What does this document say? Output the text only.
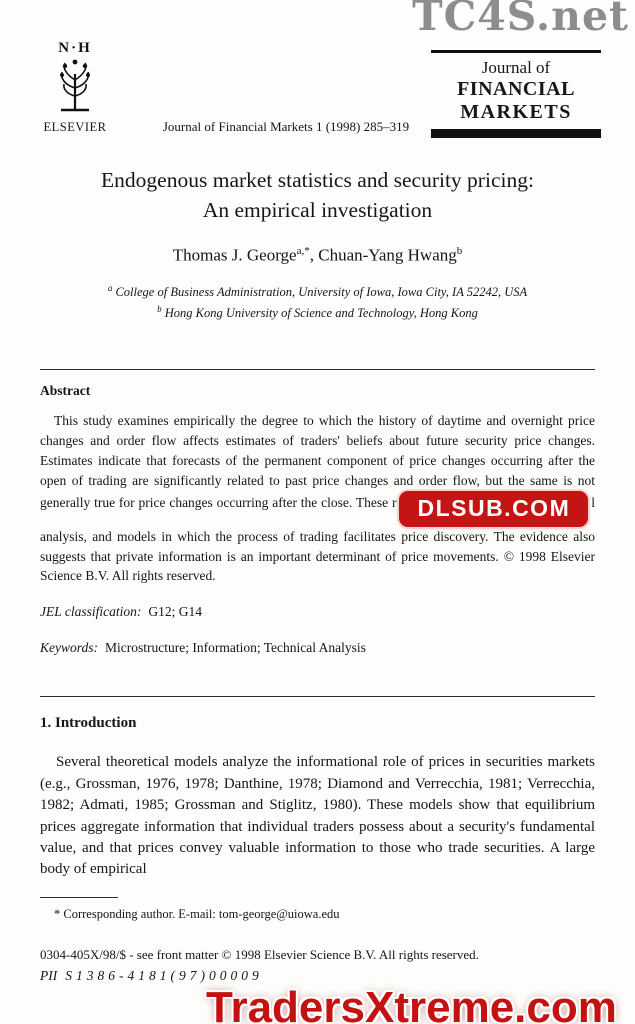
TC4S.net
N·H
ELSEVIER	Journal of Financial Markets 1 (1998) 285–319
Journal of
FINANCIAL
MARKETS
Endogenous market statistics and security pricing:
An empirical investigation
Thomas J. George$^{a,*}$, Chuan-Yang Hwang$^b$
$^a$ College of Business Administration, University of Iowa, Iowa City, IA 52242, USA
$^b$ Hong Kong University of Science and Technology, Hong Kong
Abstract

This study examines empirically the degree to which the history of daytime and overnight price changes and order flow affects estimates of traders' beliefs about future security price changes. Estimates indicate that forecasts of the permanent component of price changes occurring after the open of trading are significantly related to past price changes and order flow, but the same is not generally true for price changes occurring after the close. These r DLSUB.COM l analysis, and models in which the process of trading facilitates price discovery. The evidence also suggests that private information is an important determinant of price movements. © 1998 Elsevier Science B.V. All rights reserved.

JEL classification: G12; G14

Keywords: Microstructure; Information; Technical Analysis

1. Introduction

Several theoretical models analyze the informational role of prices in securities markets (e.g., Grossman, 1976, 1978; Danthine, 1978; Diamond and Verrecchia, 1981; Verrecchia, 1982; Admati, 1985; Grossman and Stiglitz, 1980). These models show that equilibrium prices aggregate information that individual traders possess about a security's fundamental value, and that prices convey valuable information to those who trade securities. A large body of empirical

* Corresponding author. E-mail: tom-george@uiowa.edu

0304-405X/98/$ - see front matter © 1998 Elsevier Science B.V. All rights reserved.

PII S1386-4181(97)00009

TradersXtreme.com
